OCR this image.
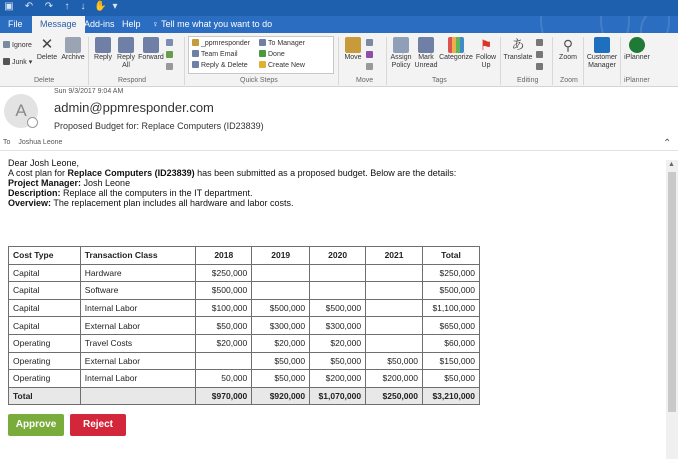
▣ ↶ ↷ ↑ ↓ ✋ ▾
File	Message Add-ins Help	♀ Tell me what you want to do
Ignore
Junk ▾
✕
Delete Archive
Delete
Reply Reply
All
Forward
Respond
_ppmresponder
Team Email
Reply & Delete
To Manager
Done
Create New
Quick Steps
Move
Move
Assign
Policy
Mark
Unread
Categorize
⚑
Follow
Up
Tags
あ
Translate
Editing
⚲
Zoom
Zoom
Customer
Manager
iPlanner
iPlanner
A
Sun 9/3/2017 9:04 AM
admin@ppmresponder.com
Proposed Budget for: Replace Computers (ID23839)
To Joshua Leone	⌃

Dear Josh Leone,

A cost plan for Replace Computers (ID23839) has been submitted as a proposed budget. Below are the details:

Project Manager: Josh Leone

Description: Replace all the computers in the IT department.

Overview: The replacement plan includes all hardware and labor costs.

Cost Type	Transaction Class	2018	2019	2020	2021	Total
Capital	Hardware	$250,000				$250,000
Capital	Software	$500,000				$500,000
Capital	Internal Labor	$100,000	$500,000	$500,000		$1,100,000
Capital	External Labor	$50,000	$300,000	$300,000		$650,000
Operating	Travel Costs	$20,000	$20,000	$20,000		$60,000
Operating	External Labor		$50,000	$50,000	$50,000	$150,000
Operating	Internal Labor	50,000	$50,000	$200,000	$200,000	$50,000
Total		$970,000	$920,000	$1,070,000	$250,000	$3,210,000
Approve	Reject
▲
